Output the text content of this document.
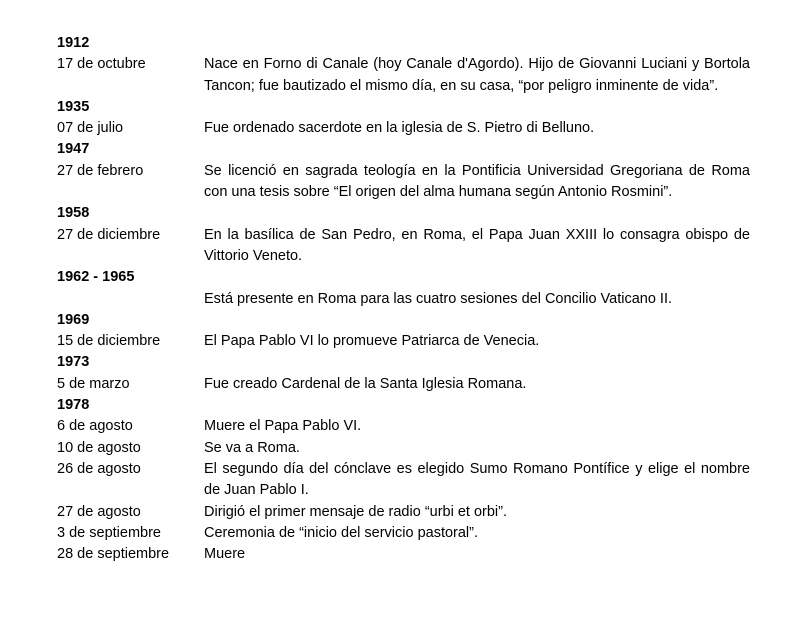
1912
17 de octubre	Nace en Forno di Canale (hoy Canale d'Agordo). Hijo de Giovanni Luciani y Bortola Tancon; fue bautizado el mismo día, en su casa, “por peligro inminente de vida”.
1935
07 de julio	Fue ordenado sacerdote en la iglesia de S. Pietro di Belluno.
1947
27 de febrero	Se licenció en sagrada teología en la Pontificia Universidad Gregoriana de Roma con una tesis sobre “El origen del alma humana según Antonio Rosmini”.
1958
27 de diciembre	En la basílica de San Pedro, en Roma, el Papa Juan XXIII lo consagra obispo de Vittorio Veneto.
1962 - 1965
Está presente en Roma para las cuatro sesiones del Concilio Vaticano II.
1969
15 de diciembre	El Papa Pablo VI lo promueve Patriarca de Venecia.
1973
5 de marzo	Fue creado Cardenal de la Santa Iglesia Romana.
1978
6 de agosto	Muere el Papa Pablo VI.
10 de agosto	Se va a Roma.
26 de agosto	El segundo día del cónclave es elegido Sumo Romano Pontífice y elige el nombre de Juan Pablo I.
27 de agosto	Dirigió el primer mensaje de radio “urbi et orbi”.
3 de septiembre	Ceremonia de “inicio del servicio pastoral”.
28 de septiembre	Muere
